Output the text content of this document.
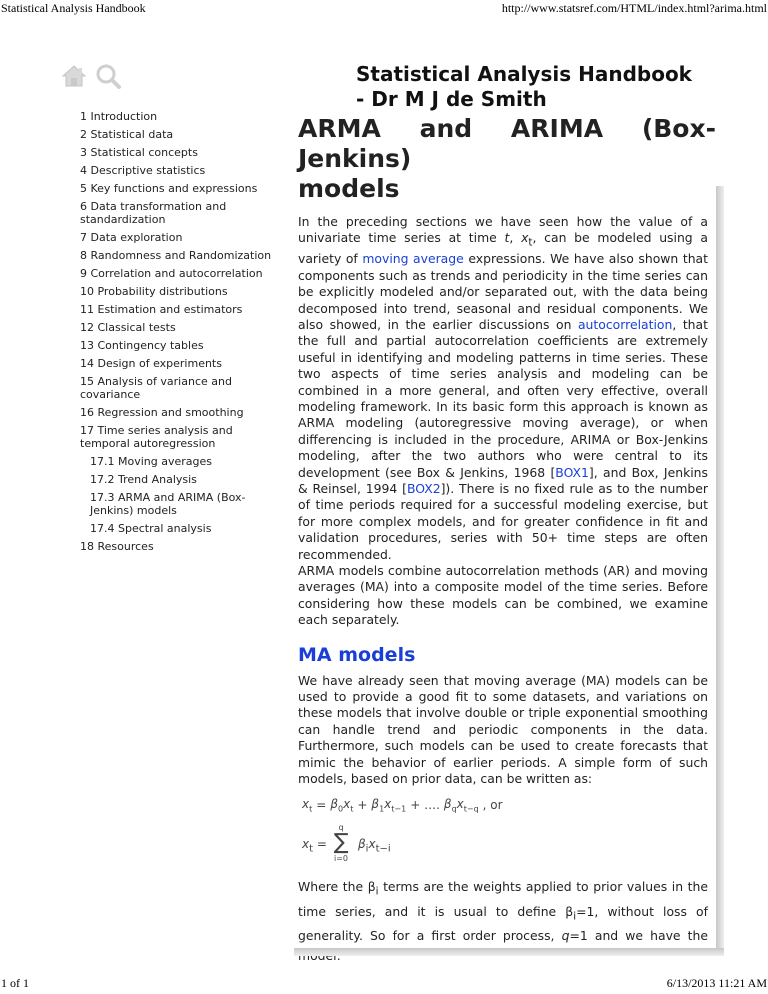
Statistical Analysis Handbook	http://www.statsref.com/HTML/index.html?arima.html
1 Introduction
2 Statistical data
3 Statistical concepts
4 Descriptive statistics
5 Key functions and expressions
6 Data transformation and standardization
7 Data exploration
8 Randomness and Randomization
9 Correlation and autocorrelation
10 Probability distributions
11 Estimation and estimators
12 Classical tests
13 Contingency tables
14 Design of experiments
15 Analysis of variance and covariance
16 Regression and smoothing
17 Time series analysis and temporal autoregression
17.1 Moving averages
17.2 Trend Analysis
17.3 ARMA and ARIMA (Box-Jenkins) models
17.4 Spectral analysis
18 Resources
Statistical Analysis Handbook - Dr M J de Smith
ARMA and ARIMA (Box-Jenkins)
models

In the preceding sections we have seen how the value of a univariate time series at time t, $x_t$, can be modeled using a variety of moving average expressions. We have also shown that components such as trends and periodicity in the time series can be explicitly modeled and/or separated out, with the data being decomposed into trend, seasonal and residual components. We also showed, in the earlier discussions on autocorrelation, that the full and partial autocorrelation coefficients are extremely useful in identifying and modeling patterns in time series. These two aspects of time series analysis and modeling can be combined in a more general, and often very effective, overall modeling framework. In its basic form this approach is known as ARMA modeling (autoregressive moving average), or when differencing is included in the procedure, ARIMA or Box-Jenkins modeling, after the two authors who were central to its development (see Box & Jenkins, 1968 [BOX1], and Box, Jenkins & Reinsel, 1994 [BOX2]). There is no fixed rule as to the number of time periods required for a successful modeling exercise, but for more complex models, and for greater confidence in fit and validation procedures, series with 50+ time steps are often recommended.

ARMA models combine autocorrelation methods (AR) and moving averages (MA) into a composite model of the time series. Before considering how these models can be combined, we examine each separately.

MA models

We have already seen that moving average (MA) models can be used to provide a good fit to some datasets, and variations on these models that involve double or triple exponential smoothing can handle trend and periodic components in the data. Furthermore, such models can be used to create forecasts that mimic the behavior of earlier periods. A simple form of such models, based on prior data, can be written as:

$x_t = \beta_0x_t + \beta_1x_{t-1}$ + …. $\beta_qx_{t-q}$ , or
$x_t$ =
q
∑
i=0
$\beta_ix_{t-i}$

Where the $\beta_i$ terms are the weights applied to prior values in the time series, and it is usual to define $\beta_i=1$, without loss of generality. So for a first order process, q=1 and we have the

1 of 1	6/13/2013 11:21 AM
